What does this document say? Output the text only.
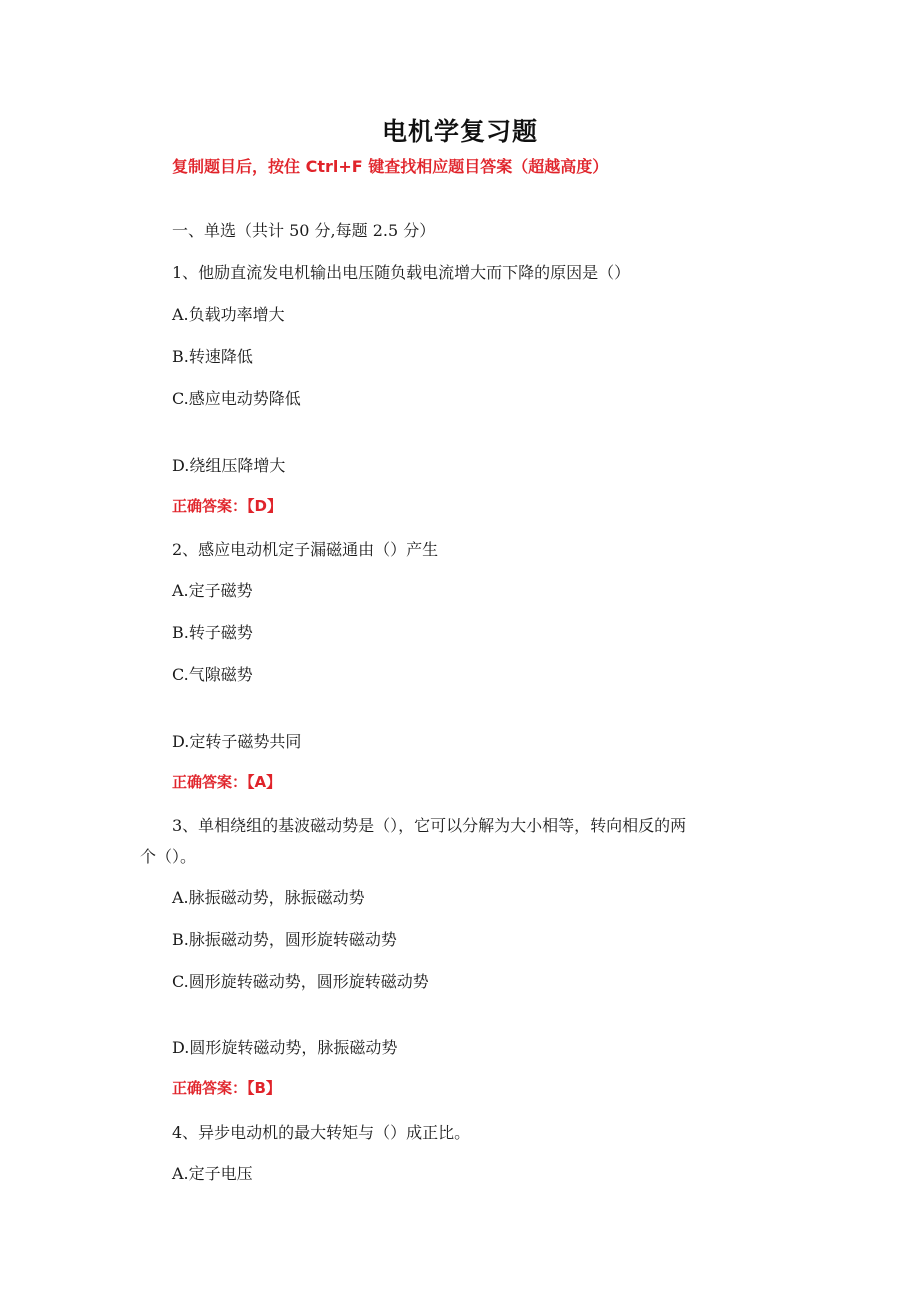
电机学复习题
复制题目后，按住 Ctrl+F 键查找相应题目答案（超越高度）
一、单选（共计 50 分,每题 2.5 分）
1、他励直流发电机输出电压随负载电流增大而下降的原因是（）
A.负载功率增大
B.转速降低
C.感应电动势降低
D.绕组压降增大
正确答案：【D】
2、感应电动机定子漏磁通由（）产生
A.定子磁势
B.转子磁势
C.气隙磁势
D.定转子磁势共同
正确答案：【A】
3、单相绕组的基波磁动势是（），它可以分解为大小相等，转向相反的两
个（）。
A.脉振磁动势，脉振磁动势
B.脉振磁动势，圆形旋转磁动势
C.圆形旋转磁动势，圆形旋转磁动势
D.圆形旋转磁动势，脉振磁动势
正确答案：【B】
4、异步电动机的最大转矩与（）成正比。
A.定子电压
